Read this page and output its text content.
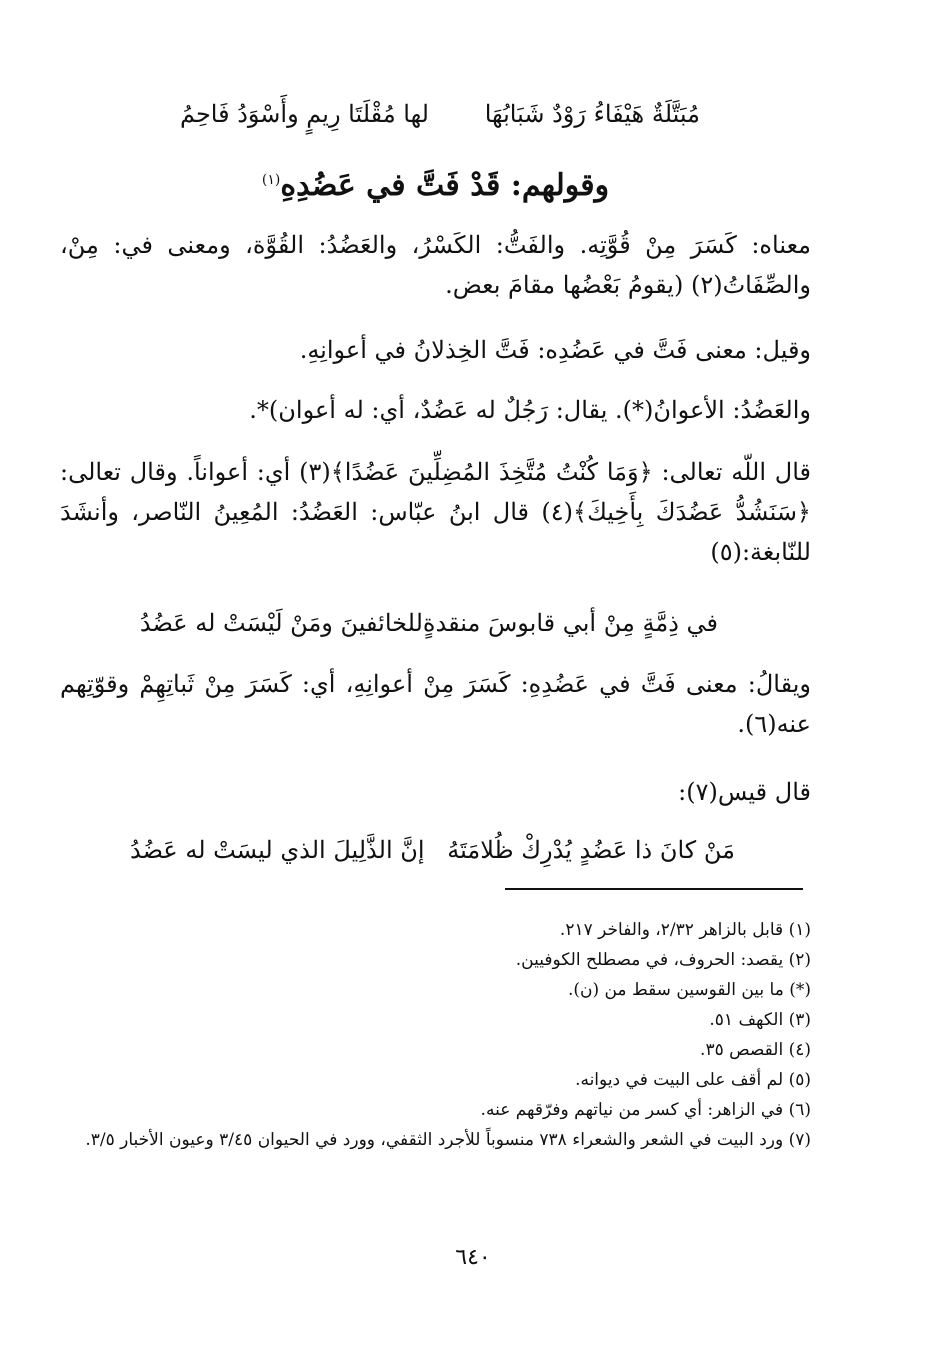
مُبَتَّلَةٌ هَيْفَاءُ رَوْدٌ شَبَابُهَا
لها مُقْلَتَا رِيمٍ وأَسْوَدُ فَاحِمُ
وقولهم: قَدْ فَتَّ في عَضُدِهِ$^{(١)}$
معناه: كَسَرَ مِنْ قُوَّتِه. والفَتُّ: الكَسْرُ، والعَضُدُ: القُوَّة، ومعنى في: مِنْ، والصِّفَاتُ(٢) (يقومُ بَعْضُها مقامَ بعض.
وقيل: معنى فَتَّ في عَضُدِه: فَتَّ الخِذلانُ في أعوانِهِ.
والعَضُدُ: الأعوانُ(*). يقال: رَجُلٌ له عَضُدٌ، أي: له أعوان)*.
قال اللّه تعالى: ﴿وَمَا كُنْتُ مُتَّخِذَ المُضِلِّينَ عَضُدًا﴾(٣) أي: أعواناً. وقال تعالى: ﴿سَنَشُدُّ عَضُدَكَ بِأَخِيكَ﴾(٤) قال ابنُ عبّاس: العَضُدُ: المُعِينُ النّاصر، وأنشَدَ للنّابغة:(٥)
في ذِمَّةٍ مِنْ أبي قابوسَ منقدةٍ
للخائفينَ ومَنْ لَيْسَتْ له عَضُدُ
ويقالُ: معنى فَتَّ في عَضُدِهِ: كَسَرَ مِنْ أعوانِهِ، أي: كَسَرَ مِنْ ثَباتِهِمْ وقوّتِهم عنه(٦).
قال قيس(٧):
مَنْ كانَ ذا عَضُدٍ يُدْرِكْ ظُلامَتَهُ
إنَّ الذَّلِيلَ الذي ليسَتْ له عَضُدُ
(١) قابل بالزاهر ٢/٣٢، والفاخر ٢١٧.
(٢) يقصد: الحروف، في مصطلح الكوفيين.
(*) ما بين القوسين سقط من (ن).
(٣) الكهف ٥١.
(٤) القصص ٣٥.
(٥) لم أقف على البيت في ديوانه.
(٦) في الزاهر: أي كسر من نياتهم وفرّقهم عنه.
(٧) ورد البيت في الشعر والشعراء ٧٣٨ منسوباً للأجرد الثقفي، وورد في الحيوان ٣/٤٥ وعيون الأخبار ٣/٥.
٦٤٠
